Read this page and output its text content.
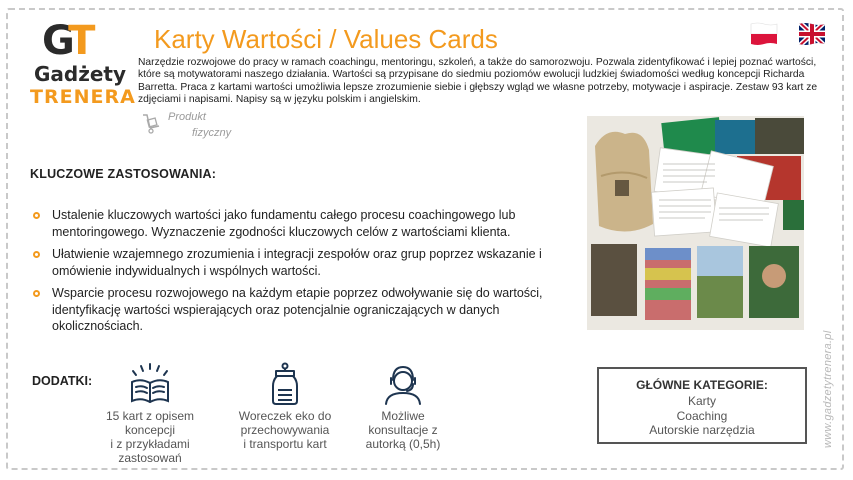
GT
Gadżety
TRENERA
Karty Wartości / Values Cards
Narzędzie rozwojowe do pracy w ramach coachingu, mentoringu, szkoleń, a także do samorozwoju. Pozwala zidentyfikować i lepiej poznać wartości, które są motywatorami naszego działania. Wartości są przypisane do siedmiu poziomów ewolucji ludzkiej świadomości według koncepcji Richarda Barretta. Praca z kartami wartości umożliwia lepsze zrozumienie siebie i głębszy wgląd we własne potrzeby, motywacje i aspiracje. Zestaw 93 kart ze zdjęciami i napisami. Napisy są w języku polskim i angielskim.
Produkt
fizyczny
KLUCZOWE ZASTOSOWANIA:
Ustalenie kluczowych wartości jako fundamentu całego procesu coachingowego lub mentoringowego. Wyznaczenie zgodności kluczowych celów z wartościami klienta.
Ułatwienie wzajemnego zrozumienia i integracji zespołów oraz grup poprzez wskazanie i omówienie indywidualnych i wspólnych wartości.
Wsparcie procesu rozwojowego na każdym etapie poprzez odwoływanie się do wartości, identyfikację wartości wspierających oraz potencjalnie ograniczających w danych okolicznościach.
DODATKI:
15 kart z opisem
koncepcji
i z przykładami
zastosowań
Woreczek eko do
przechowywania
i transportu kart
Możliwe
konsultacje z
autorką (0,5h)
GŁÓWNE KATEGORIE:
Karty
Coaching
Autorskie narzędzia	www.gadzetytrenera.pl
